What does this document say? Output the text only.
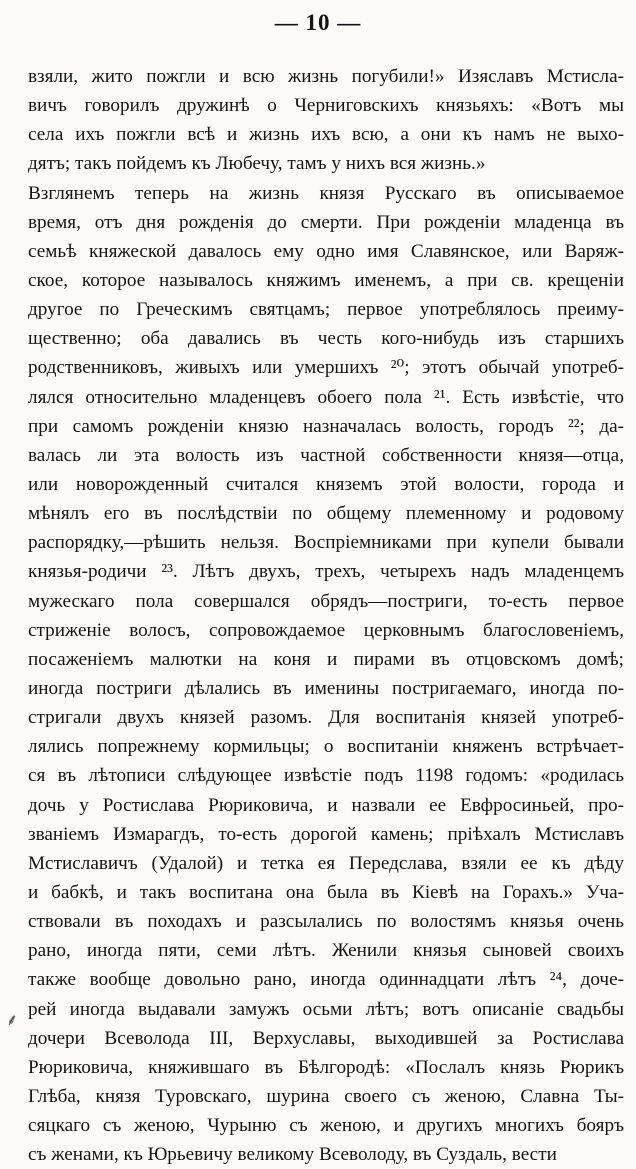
— 10 —
взяли, жито пожгли и всю жизнь погубили!» Изяславъ Мстисла-
вичъ говорилъ дружинѣ о Черниговскихъ князьяхъ: «Вотъ мы
села ихъ пожгли всѣ и жизнь ихъ всю, а они къ намъ не выхо-
дятъ; такъ пойдемъ къ Любечу, тамъ у нихъ вся жизнь.»
Взглянемъ теперь на жизнь князя Русскаго въ описываемое
время, отъ дня рожденія до смерти. При рожденіи младенца въ
семьѣ княжеской давалось ему одно имя Славянское, или Варяж-
ское, которое называлось княжимъ именемъ, а при св. крещеніи
другое по Греческимъ святцамъ; первое употреблялось преиму-
щественно; оба давались въ честь кого-нибудь изъ старшихъ
родственниковъ, живыхъ или умершихъ ²⁰; этотъ обычай употреб-
лялся относительно младенцевъ обоего пола ²¹. Есть извѣстіе, что
при самомъ рожденіи князю назначалась волость, городъ ²²; да-
валась ли эта волость изъ частной собственности князя—отца,
или новорожденный считался княземъ этой волости, города и
мѣнялъ его въ послѣдствіи по общему племенному и родовому
распорядку,—рѣшить нельзя. Воспріемниками при купели бывали
князья-родичи ²³. Лѣтъ двухъ, трехъ, четырехъ надъ младенцемъ
мужескаго пола совершался обрядъ—постриги, то-есть первое
стриженіе волосъ, сопровождаемое церковнымъ благословеніемъ,
посаженіемъ малютки на коня и пирами въ отцовскомъ домѣ;
иногда постриги дѣлались въ именины постригаемаго, иногда по-
стригали двухъ князей разомъ. Для воспитанія князей употреб-
лялись попрежнему кормильцы; о воспитаніи княженъ встрѣчает-
ся въ лѣтописи слѣдующее извѣстіе подъ 1198 годомъ: «родилась
дочь у Ростислава Рюриковича, и назвали ее Евфросиньей, про-
званіемъ Измарагдъ, то-есть дорогой камень; пріѣхалъ Мстиславъ
Мстиславичъ (Удалой) и тетка ея Передслава, взяли ее къ дѣду
и бабкѣ, и такъ воспитана она была въ Кіевѣ на Горахъ.» Уча-
ствовали въ походахъ и разсылались по волостямъ князья очень
рано, иногда пяти, семи лѣтъ. Женили князья сыновей своихъ
также вообще довольно рано, иногда одиннадцати лѣтъ ²⁴, доче-
рей иногда выдавали замужъ осьми лѣтъ; вотъ описаніе свадьбы
дочери Всеволода III, Верхуславы, выходившей за Ростислава
Рюриковича, княжившаго въ Бѣлгородѣ: «Послалъ князь Рюрикъ
Глѣба, князя Туровскаго, шурина своего съ женою, Славна Ты-
сяцкаго съ женою, Чурыню съ женою, и другихъ многихъ бояръ
съ женами, къ Юрьевичу великому Всеволоду, въ Суздаль, вести
⸙
